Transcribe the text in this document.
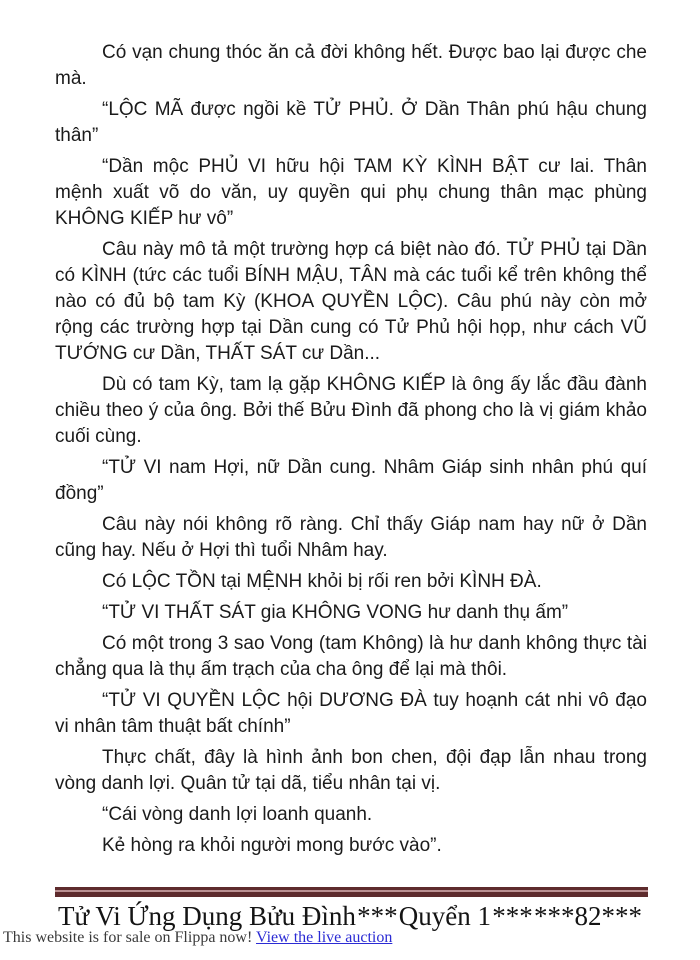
Có vạn chung thóc ăn cả đời không hết. Được bao lại được che mà.

“LỘC MÃ được ngồi kề TỬ PHỦ. Ở Dần Thân phú hậu chung thân”

“Dần mộc PHỦ VI hữu hội TAM KỲ KÌNH BẬT cư lai. Thân mệnh xuất võ do văn, uy quyền qui phụ chung thân mạc phùng KHÔNG KIẾP hư vô”

Câu này mô tả một trường hợp cá biệt nào đó. TỬ PHỦ tại Dần có KÌNH (tức các tuổi BÍNH MẬU, TÂN mà các tuổi kể trên không thể nào có đủ bộ tam Kỳ (KHOA QUYỀN LỘC). Câu phú này còn mở rộng các trường hợp tại Dần cung có Tử Phủ hội họp, như cách VŨ TƯỚNG cư Dần, THẤT SÁT cư Dần...

Dù có tam Kỳ, tam lạ gặp KHÔNG KIẾP là ông ấy lắc đầu đành chiều theo ý của ông. Bởi thế Bửu Đình đã phong cho là vị giám khảo cuối cùng.

“TỬ VI nam Hợi, nữ Dần cung. Nhâm Giáp sinh nhân phú quí đồng”

Câu này nói không rõ ràng. Chỉ thấy Giáp nam hay nữ ở Dần cũng hay. Nếu ở Hợi thì tuổi Nhâm hay.

Có LỘC TỒN tại MỆNH khỏi bị rối ren bởi KÌNH ĐÀ.

“TỬ VI THẤT SÁT gia KHÔNG VONG hư danh thụ ấm”

Có một trong 3 sao Vong (tam Không) là hư danh không thực tài chẳng qua là thụ ấm trạch của cha ông để lại mà thôi.

“TỬ VI QUYỀN LỘC hội DƯƠNG ĐÀ tuy hoạnh cát nhi vô đạo vi nhân tâm thuật bất chính”

Thực chất, đây là hình ảnh bon chen, đội đạp lẫn nhau trong vòng danh lợi. Quân tử tại dã, tiểu nhân tại vị.

“Cái vòng danh lợi loanh quanh.

Kẻ hòng ra khỏi người mong bước vào”.

Tử Vi Ứng Dụng Bửu Đình *** Quyển 1 *** ***82***
This website is for sale on Flippa now! View the live auction
